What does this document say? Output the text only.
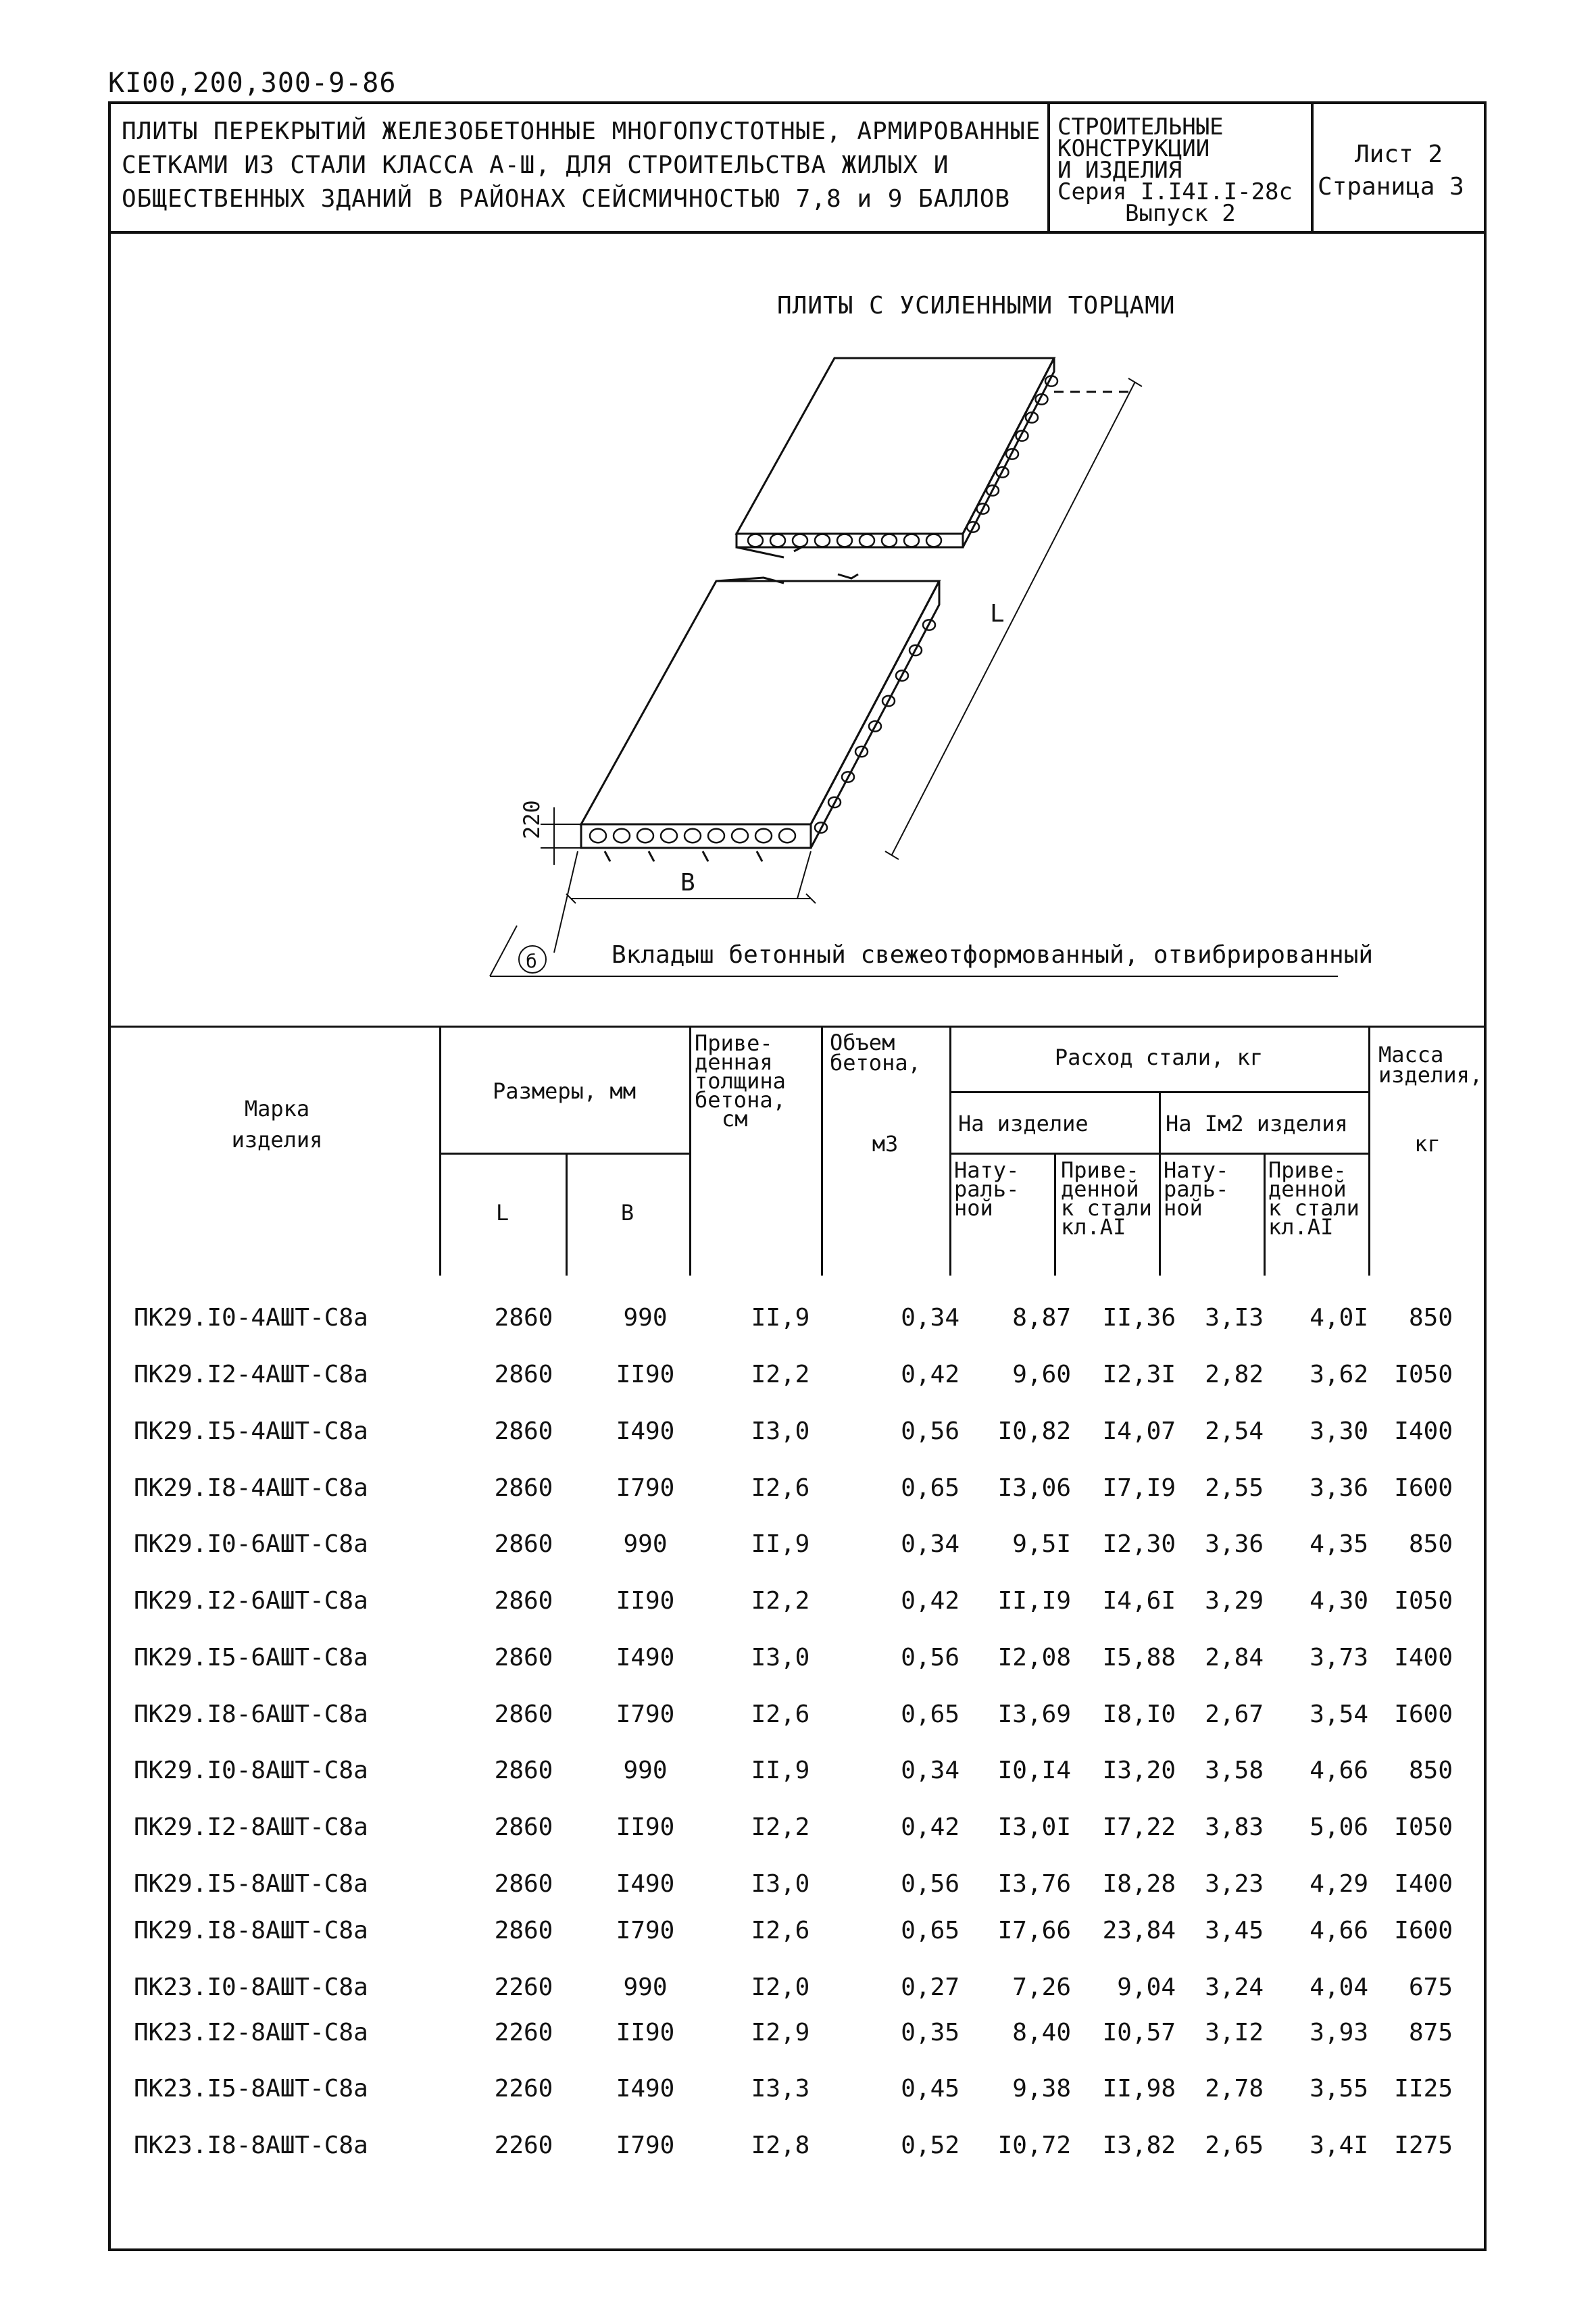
КI00,200,300-9-86
ПЛИТЫ ПЕРЕКРЫТИЙ ЖЕЛЕЗОБЕТОННЫЕ МНОГОПУСТОТНЫЕ, АРМИРОВАННЫЕ
СЕТКАМИ ИЗ СТАЛИ КЛАССА А-Ш, ДЛЯ СТРОИТЕЛЬСТВА ЖИЛЫХ И
ОБЩЕСТВЕННЫХ ЗДАНИЙ В РАЙОНАХ СЕЙСМИЧНОСТЬЮ 7,8 и 9 БАЛЛОВ
СТРОИТЕЛЬНЫЕ
КОНСТРУКЦИИ
И ИЗДЕЛИЯ
Серия I.I4I.I-28с
Выпуск 2
Лист 2
Страница 3
ПЛИТЫ С УСИЛЕННЫМИ ТОРЦАМИ
220
L
B
б	Вкладыш бетонный свежеотформованный, отвибрированный
Марка
изделия
Размеры, мм
L	B
Приве-
денная
толщина
бетона,
см
Объем
бетона,
м3
Расход стали, кг
На изделие	На Iм2 изделия
Нату-
раль-
ной
Приве-
денной
к стали
кл.АI
Нату-
раль-
ной
Приве-
денной
к стали
кл.АI
Масса
изделия,
кг
ПК29.I0-4АШТ-С8а	2860	990	II,9	0,34	8,87	II,36	3,I3	4,0I	850
ПК29.I2-4АШТ-С8а	2860	II90	I2,2	0,42	9,60	I2,3I	2,82	3,62	I050
ПК29.I5-4АШТ-С8а	2860	I490	I3,0	0,56	I0,82	I4,07	2,54	3,30	I400
ПК29.I8-4АШТ-С8а	2860	I790	I2,6	0,65	I3,06	I7,I9	2,55	3,36	I600
ПК29.I0-6АШТ-С8а	2860	990	II,9	0,34	9,5I	I2,30	3,36	4,35	850
ПК29.I2-6АШТ-С8а	2860	II90	I2,2	0,42	II,I9	I4,6I	3,29	4,30	I050
ПК29.I5-6АШТ-С8а	2860	I490	I3,0	0,56	I2,08	I5,88	2,84	3,73	I400
ПК29.I8-6АШТ-С8а	2860	I790	I2,6	0,65	I3,69	I8,I0	2,67	3,54	I600
ПК29.I0-8АШТ-С8а	2860	990	II,9	0,34	I0,I4	I3,20	3,58	4,66	850
ПК29.I2-8АШТ-С8а	2860	II90	I2,2	0,42	I3,0I	I7,22	3,83	5,06	I050
ПК29.I5-8АШТ-С8а	2860	I490	I3,0	0,56	I3,76	I8,28	3,23	4,29	I400
ПК29.I8-8АШТ-С8а	2860	I790	I2,6	0,65	I7,66	23,84	3,45	4,66	I600
ПК23.I0-8АШТ-С8а	2260	990	I2,0	0,27	7,26	9,04	3,24	4,04	675
ПК23.I2-8АШТ-С8а	2260	II90	I2,9	0,35	8,40	I0,57	3,I2	3,93	875
ПК23.I5-8АШТ-С8а	2260	I490	I3,3	0,45	9,38	II,98	2,78	3,55	II25
ПК23.I8-8АШТ-С8а	2260	I790	I2,8	0,52	I0,72	I3,82	2,65	3,4I	I275
